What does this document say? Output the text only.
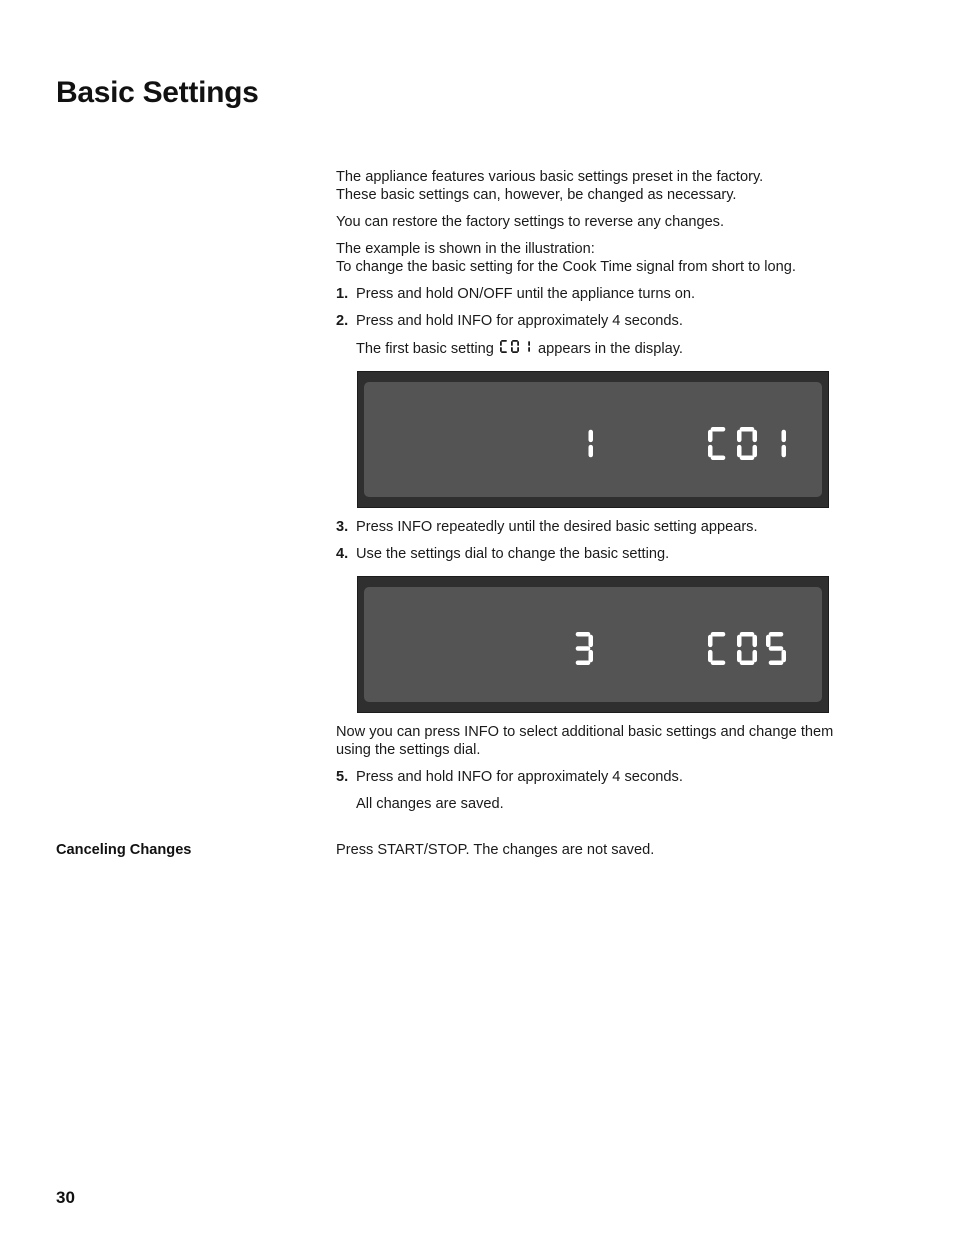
Basic Settings

The appliance features various basic settings preset in the factory.

These basic settings can, however, be changed as necessary.

You can restore the factory settings to reverse any changes.

The example is shown in the illustration:

To change the basic setting for the Cook Time signal from short to long.

1. Press and hold ON/OFF until the appliance turns on.
2. Press and hold INFO for approximately 4 seconds.
The first basic setting	appears in the display.
3. Press INFO repeatedly until the desired basic setting appears.
4. Use the settings dial to change the basic setting.

Now you can press INFO to select additional basic settings and change them using the settings dial.

5. Press and hold INFO for approximately 4 seconds.
All changes are saved.

Canceling Changes	Press START/STOP. The changes are not saved.

30
